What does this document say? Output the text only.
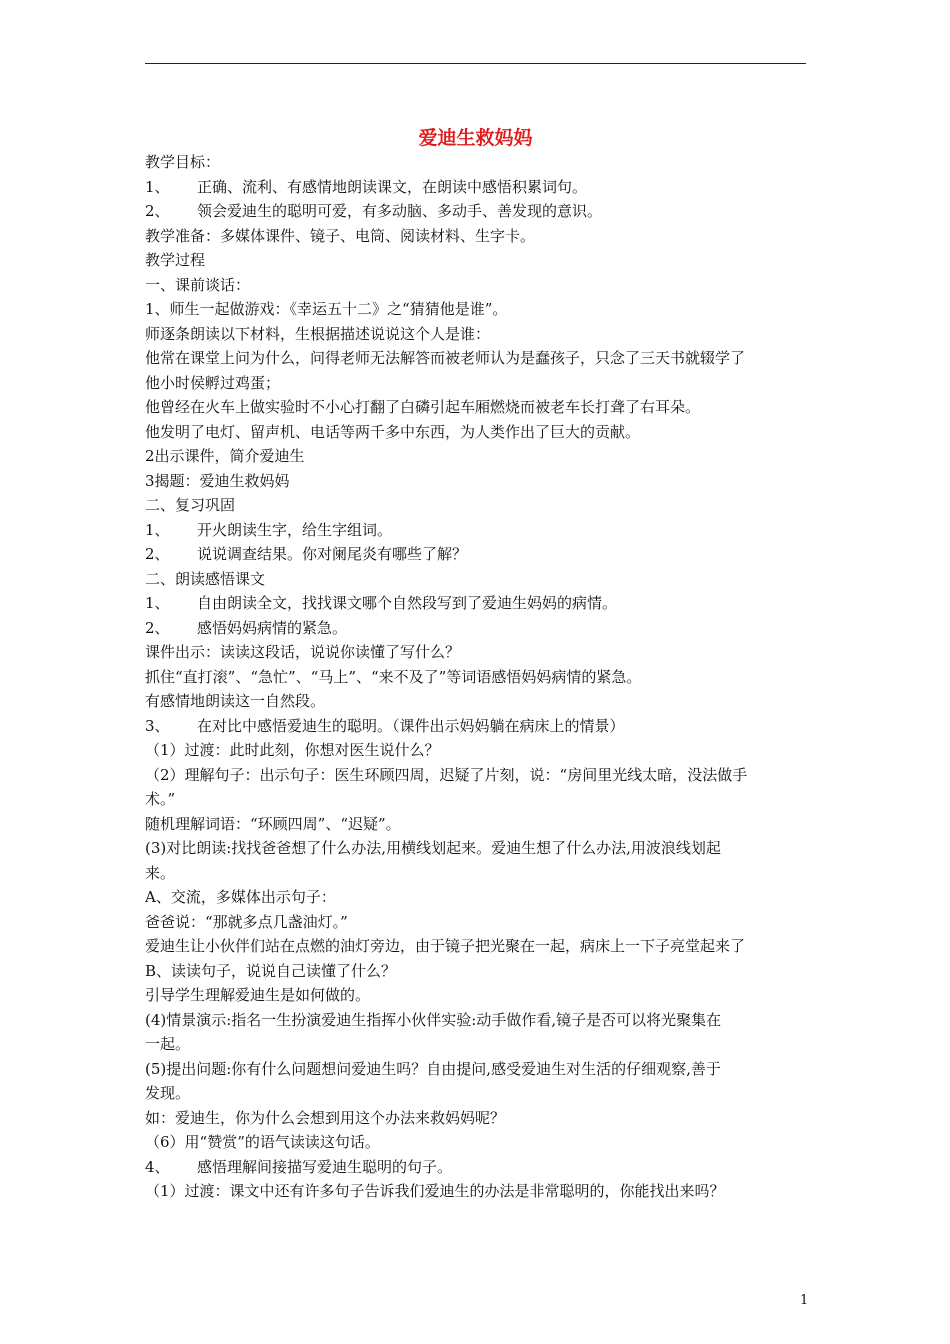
爱迪生救妈妈
教学目标：
1、 正确、流利、有感情地朗读课文，在朗读中感悟积累词句。
2、 领会爱迪生的聪明可爱，有多动脑、多动手、善发现的意识。
教学准备：多媒体课件、镜子、电筒、阅读材料、生字卡。
教学过程
一、课前谈话：
1、师生一起做游戏：《幸运五十二》之“猜猜他是谁”。
师逐条朗读以下材料，生根据描述说说这个人是谁：
他常在课堂上问为什么，问得老师无法解答而被老师认为是蠢孩子，只念了三天书就辍学了
他小时侯孵过鸡蛋；
他曾经在火车上做实验时不小心打翻了白磷引起车厢燃烧而被老车长打聋了右耳朵。
他发明了电灯、留声机、电话等两千多中东西，为人类作出了巨大的贡献。
2出示课件，简介爱迪生
3揭题：爱迪生救妈妈
二、复习巩固
1、 开火朗读生字，给生字组词。
2、 说说调查结果。你对阑尾炎有哪些了解？
二、朗读感悟课文
1、 自由朗读全文，找找课文哪个自然段写到了爱迪生妈妈的病情。
2、 感悟妈妈病情的紧急。
课件出示：读读这段话，说说你读懂了写什么？
抓住“直打滚”、“急忙”、“马上”、“来不及了”等词语感悟妈妈病情的紧急。
有感情地朗读这一自然段。
3、 在对比中感悟爱迪生的聪明。（课件出示妈妈躺在病床上的情景）
（1）过渡：此时此刻，你想对医生说什么？
（2）理解句子：出示句子：医生环顾四周，迟疑了片刻，说：“房间里光线太暗，没法做手
术。”
随机理解词语：“环顾四周”、“迟疑”。
(3)对比朗读:找找爸爸想了什么办法,用横线划起来。爱迪生想了什么办法,用波浪线划起
来。
A、交流，多媒体出示句子：
爸爸说：“那就多点几盏油灯。”
爱迪生让小伙伴们站在点燃的油灯旁边，由于镜子把光聚在一起，病床上一下子亮堂起来了
B、读读句子，说说自己读懂了什么？
引导学生理解爱迪生是如何做的。
(4)情景演示:指名一生扮演爱迪生指挥小伙伴实验:动手做作看,镜子是否可以将光聚集在
一起。
(5)提出问题:你有什么问题想问爱迪生吗？自由提问,感受爱迪生对生活的仔细观察,善于
发现。
如：爱迪生，你为什么会想到用这个办法来救妈妈呢？
（6）用“赞赏”的语气读读这句话。
4、 感悟理解间接描写爱迪生聪明的句子。
（1）过渡：课文中还有许多句子告诉我们爱迪生的办法是非常聪明的，你能找出来吗？
1
